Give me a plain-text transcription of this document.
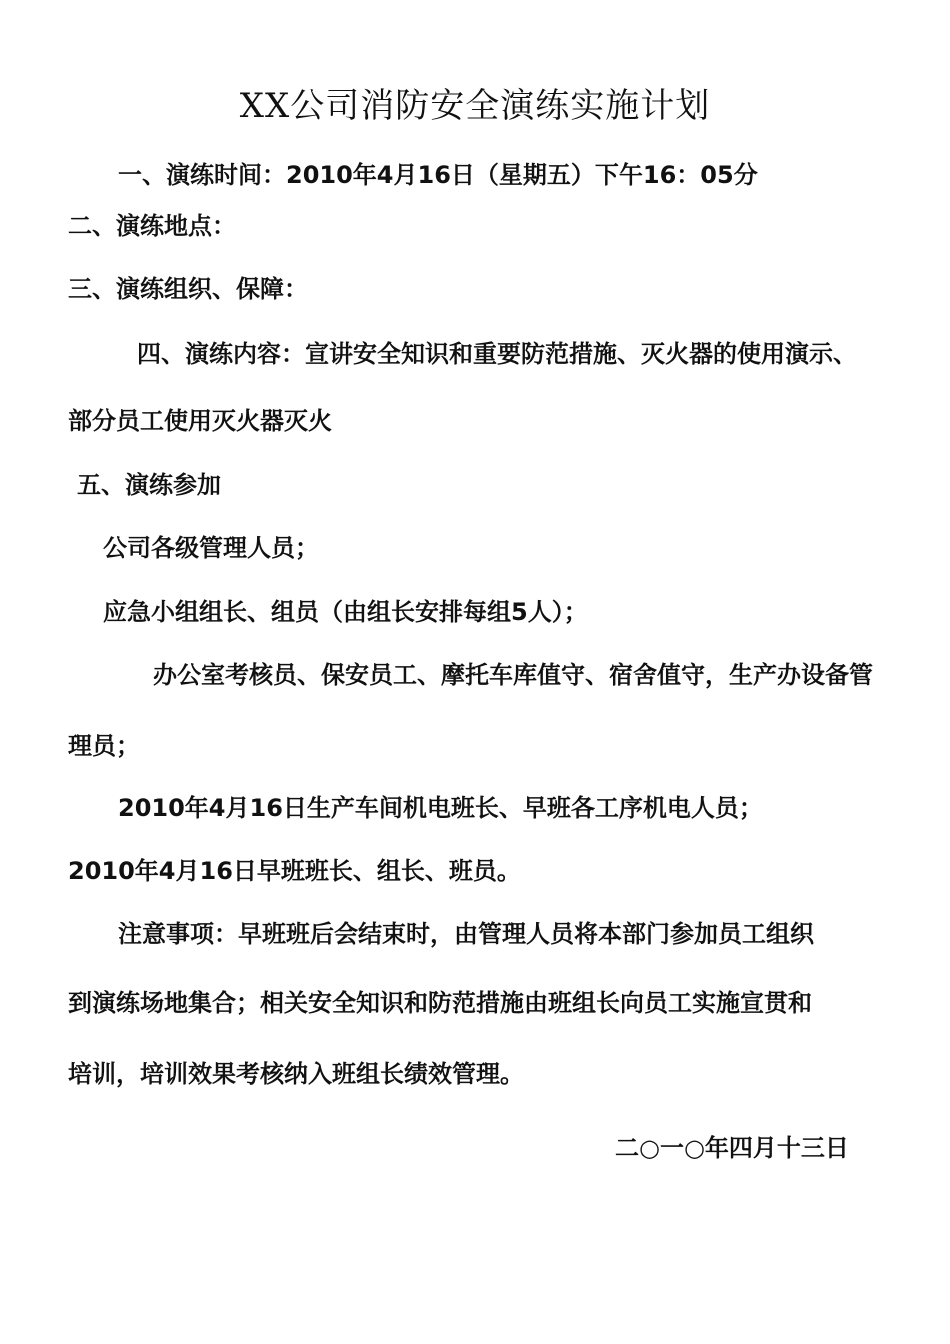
XX公司消防安全演练实施计划
一、演练时间：2010年4月16日（星期五）下午16：05分
二、演练地点：
三、演练组织、保障：
四、演练内容：宣讲安全知识和重要防范措施、灭火器的使用演示、
部分员工使用灭火器灭火
五、演练参加
公司各级管理人员；
应急小组组长、组员（由组长安排每组5人）；
办公室考核员、保安员工、摩托车库值守、宿舍值守，生产办设备管
理员；
2010年4月16日生产车间机电班长、早班各工序机电人员；
2010年4月16日早班班长、组长、班员。
注意事项：早班班后会结束时，由管理人员将本部门参加员工组织
到演练场地集合；相关安全知识和防范措施由班组长向员工实施宣贯和
培训，培训效果考核纳入班组长绩效管理。
二○一○年四月十三日
